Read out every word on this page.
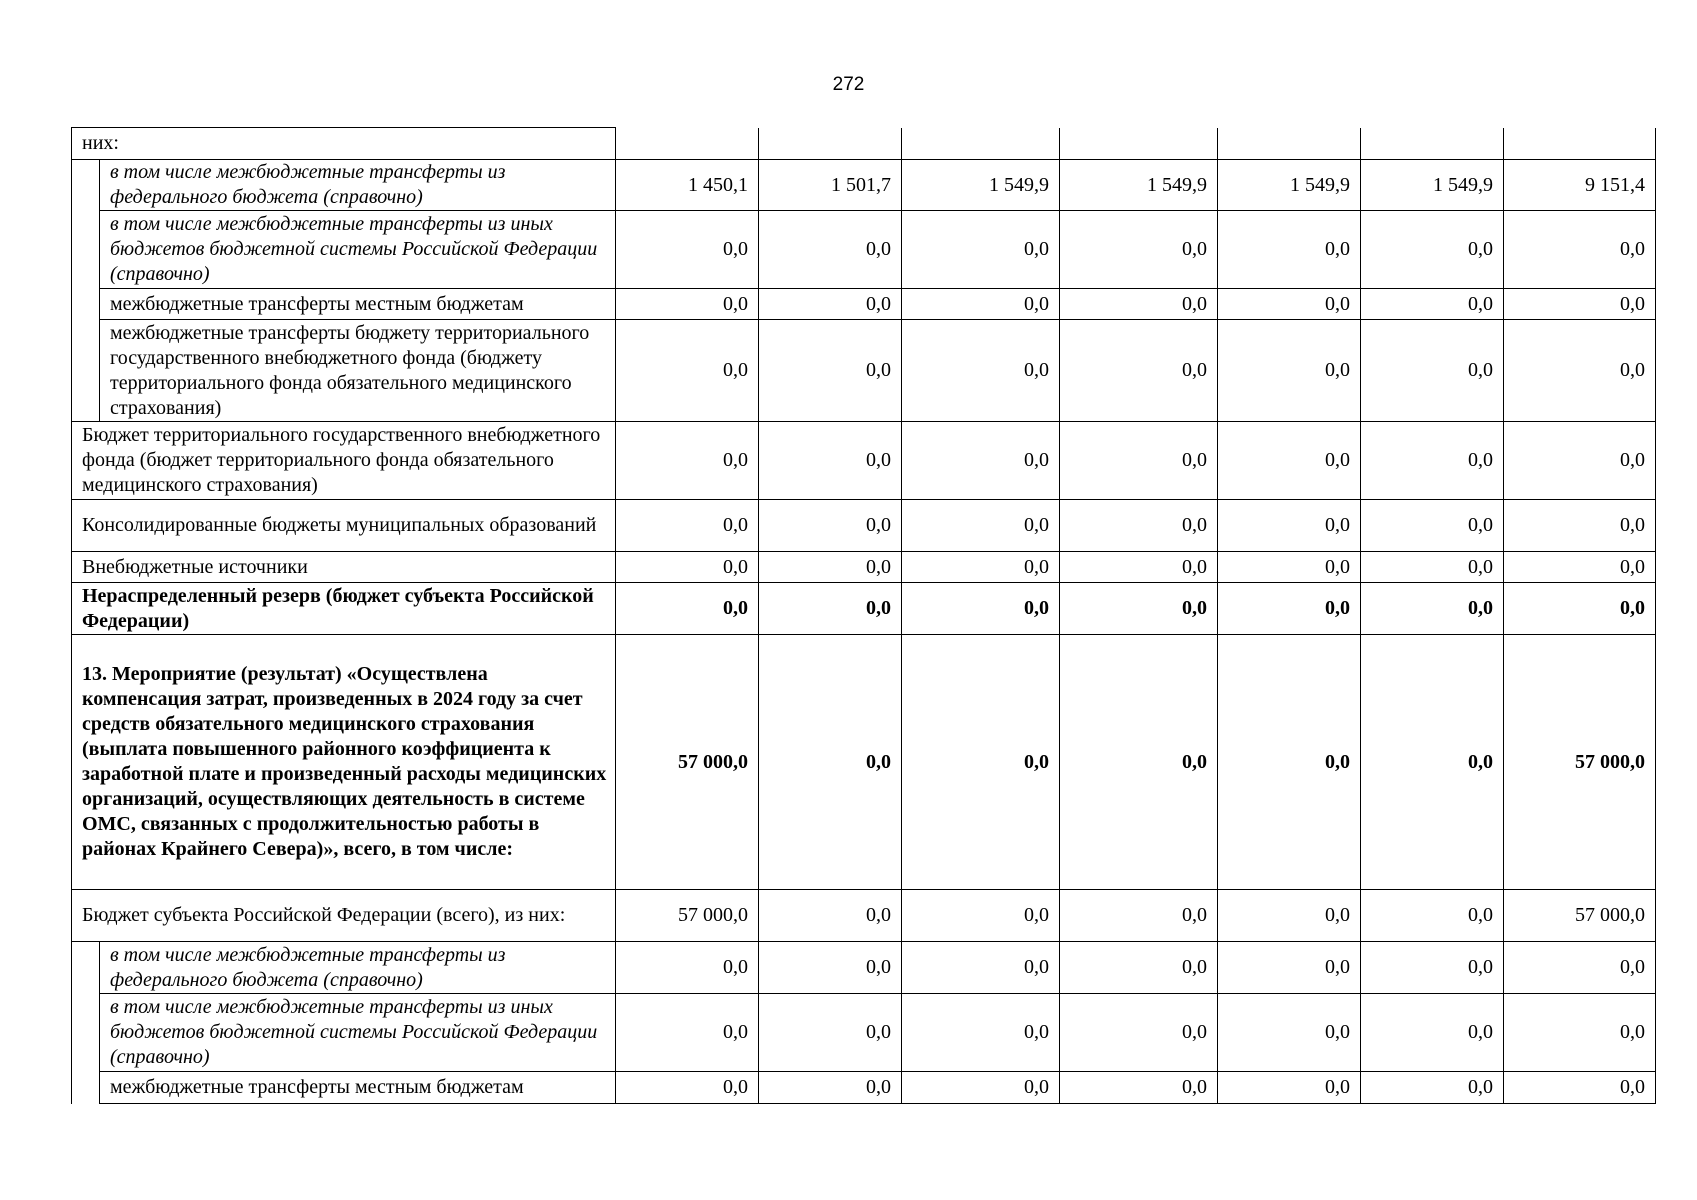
272
них:								
	в том числе межбюджетные трансферты из федерального бюджета (справочно)	1 450,1	1 501,7	1 549,9	1 549,9	1 549,9	1 549,9	9 151,4
	в том числе межбюджетные трансферты из иных бюджетов бюджетной системы Российской Федерации (справочно)	0,0	0,0	0,0	0,0	0,0	0,0	0,0
	межбюджетные трансферты местным бюджетам	0,0	0,0	0,0	0,0	0,0	0,0	0,0
	межбюджетные трансферты бюджету территориального государственного внебюджетного фонда (бюджету территориального фонда обязательного медицинского страхования)	0,0	0,0	0,0	0,0	0,0	0,0	0,0
Бюджет территориального государственного внебюджетного фонда (бюджет территориального фонда обязательного медицинского страхования)		0,0	0,0	0,0	0,0	0,0	0,0	0,0
Консолидированные бюджеты муниципальных образований		0,0	0,0	0,0	0,0	0,0	0,0	0,0
Внебюджетные источники		0,0	0,0	0,0	0,0	0,0	0,0	0,0
Нераспределенный резерв (бюджет субъекта Российской Федерации)		0,0	0,0	0,0	0,0	0,0	0,0	0,0
13. Мероприятие (результат) «Осуществлена компенсация затрат, произведенных в 2024 году за счет средств обязательного медицинского страхования (выплата повышенного районного коэффициента к заработной плате и произведенный расходы медицинских организаций, осуществляющих деятельность в системе ОМС, связанных с продолжительностью работы в районах Крайнего Севера)», всего, в том числе:		57 000,0	0,0	0,0	0,0	0,0	0,0	57 000,0
Бюджет субъекта Российской Федерации (всего), из них:		57 000,0	0,0	0,0	0,0	0,0	0,0	57 000,0
	в том числе межбюджетные трансферты из федерального бюджета (справочно)	0,0	0,0	0,0	0,0	0,0	0,0	0,0
	в том числе межбюджетные трансферты из иных бюджетов бюджетной системы Российской Федерации (справочно)	0,0	0,0	0,0	0,0	0,0	0,0	0,0
	межбюджетные трансферты местным бюджетам	0,0	0,0	0,0	0,0	0,0	0,0	0,0
